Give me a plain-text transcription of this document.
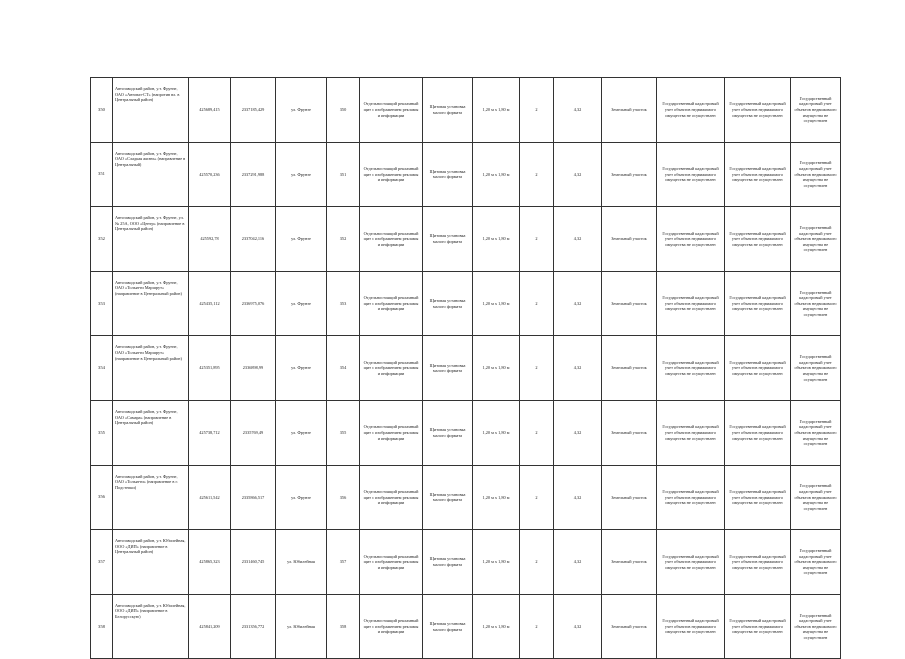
350	Автозаводский район, у.т. Фрунзе, ОАО «Автоваз-СТ» (напротив вл. в Центральный район)	425689,415	2337185,429	ул. Фрунзе	350	Отдельностоящий рекламный щит с изображением рекламы и информации	Щитовая установка малого формата	1,20 м х 1,80 м	2	4,32	Земельный участок	Государственный кадастровый учет объектов недвижимого имущества не осуществлен	Государственный кадастровый учет объектов недвижимого имущества не осуществлен	Государственный кадастровый учет объектов недвижимого имущества не осуществлен
351	Автозаводский район, у.т. Фрунзе, ОАО «Сладкая жизнь» (направление в Центральный)	425570,236	2337291,988	ул. Фрунзе	351	Отдельностоящий рекламный щит с изображением рекламы и информации	Щитовая установка малого формата	1,20 м х 1,80 м	2	4,32	Земельный участок	Государственный кадастровый учет объектов недвижимого имущества не осуществлен	Государственный кадастровый учет объектов недвижимого имущества не осуществлен	Государственный кадастровый учет объектов недвижимого имущества не осуществлен
352	Автозаводский район, у.т. Фрунзе, ул. № 25А, ООО «Центр» (направление в Центральный район)	425592,78	2337042,116	ул. Фрунзе	352	Отдельностоящий рекламный щит с изображением рекламы и информации	Щитовая установка малого формата	1,20 м х 1,80 м	2	4,32	Земельный участок	Государственный кадастровый учет объектов недвижимого имущества не осуществлен	Государственный кадастровый учет объектов недвижимого имущества не осуществлен	Государственный кадастровый учет объектов недвижимого имущества не осуществлен
353	Автозаводский район, у.т. Фрунзе, ОАО «Тольятти Маршрут» (направление в Центральный район)	425435,112	2336975,076	ул. Фрунзе	353	Отдельностоящий рекламный щит с изображением рекламы и информации	Щитовая установка малого формата	1,20 м х 1,80 м	2	4,32	Земельный участок	Государственный кадастровый учет объектов недвижимого имущества не осуществлен	Государственный кадастровый учет объектов недвижимого имущества не осуществлен	Государственный кадастровый учет объектов недвижимого имущества не осуществлен
354	Автозаводский район, у.т. Фрунзе, ОАО «Тольятти Маршрут» (направление в Центральный район)	425351,895	2336898,99	ул. Фрунзе	354	Отдельностоящий рекламный щит с изображением рекламы и информации	Щитовая установка малого формата	1,20 м х 1,80 м	2	4,32	Земельный участок	Государственный кадастровый учет объектов недвижимого имущества не осуществлен	Государственный кадастровый учет объектов недвижимого имущества не осуществлен	Государственный кадастровый учет объектов недвижимого имущества не осуществлен
355	Автозаводский район, у.т. Фрунзе, ОАО «Самара» (направление в Центральный район)	425738,712	2335769,49	ул. Фрунзе	355	Отдельностоящий рекламный щит с изображением рекламы и информации	Щитовая установка малого формата	1,20 м х 1,80 м	2	4,32	Земельный участок	Государственный кадастровый учет объектов недвижимого имущества не осуществлен	Государственный кадастровый учет объектов недвижимого имущества не осуществлен	Государственный кадастровый учет объектов недвижимого имущества не осуществлен
356	Автозаводский район, у.т. Фрунзе, ОАО «Тольятти» (направление в г. Подстепки)	425611,542	2335866,517	ул. Фрунзе	356	Отдельностоящий рекламный щит с изображением рекламы и информации	Щитовая установка малого формата	1,20 м х 1,80 м	2	4,32	Земельный участок	Государственный кадастровый учет объектов недвижимого имущества не осуществлен	Государственный кадастровый учет объектов недвижимого имущества не осуществлен	Государственный кадастровый учет объектов недвижимого имущества не осуществлен
357	Автозаводский район, у.т. Юбилейная, ООО «ДИП» (направление в Центральный район)	425865,323	2331460,745	ул. Юбилейная	357	Отдельностоящий рекламный щит с изображением рекламы и информации	Щитовая установка малого формата	1,20 м х 1,80 м	2	4,32	Земельный участок	Государственный кадастровый учет объектов недвижимого имущества не осуществлен	Государственный кадастровый учет объектов недвижимого имущества не осуществлен	Государственный кадастровый учет объектов недвижимого имущества не осуществлен
358	Автозаводский район, у.т. Юбилейная, ООО «ДИП» (направление в Белорусскую)	425841,209	2331356,772	ул. Юбилейная	358	Отдельностоящий рекламный щит с изображением рекламы и информации	Щитовая установка малого формата	1,20 м х 1,80 м	2	4,32	Земельный участок	Государственный кадастровый учет объектов недвижимого имущества не осуществлен	Государственный кадастровый учет объектов недвижимого имущества не осуществлен	Государственный кадастровый учет объектов недвижимого имущества не осуществлен
